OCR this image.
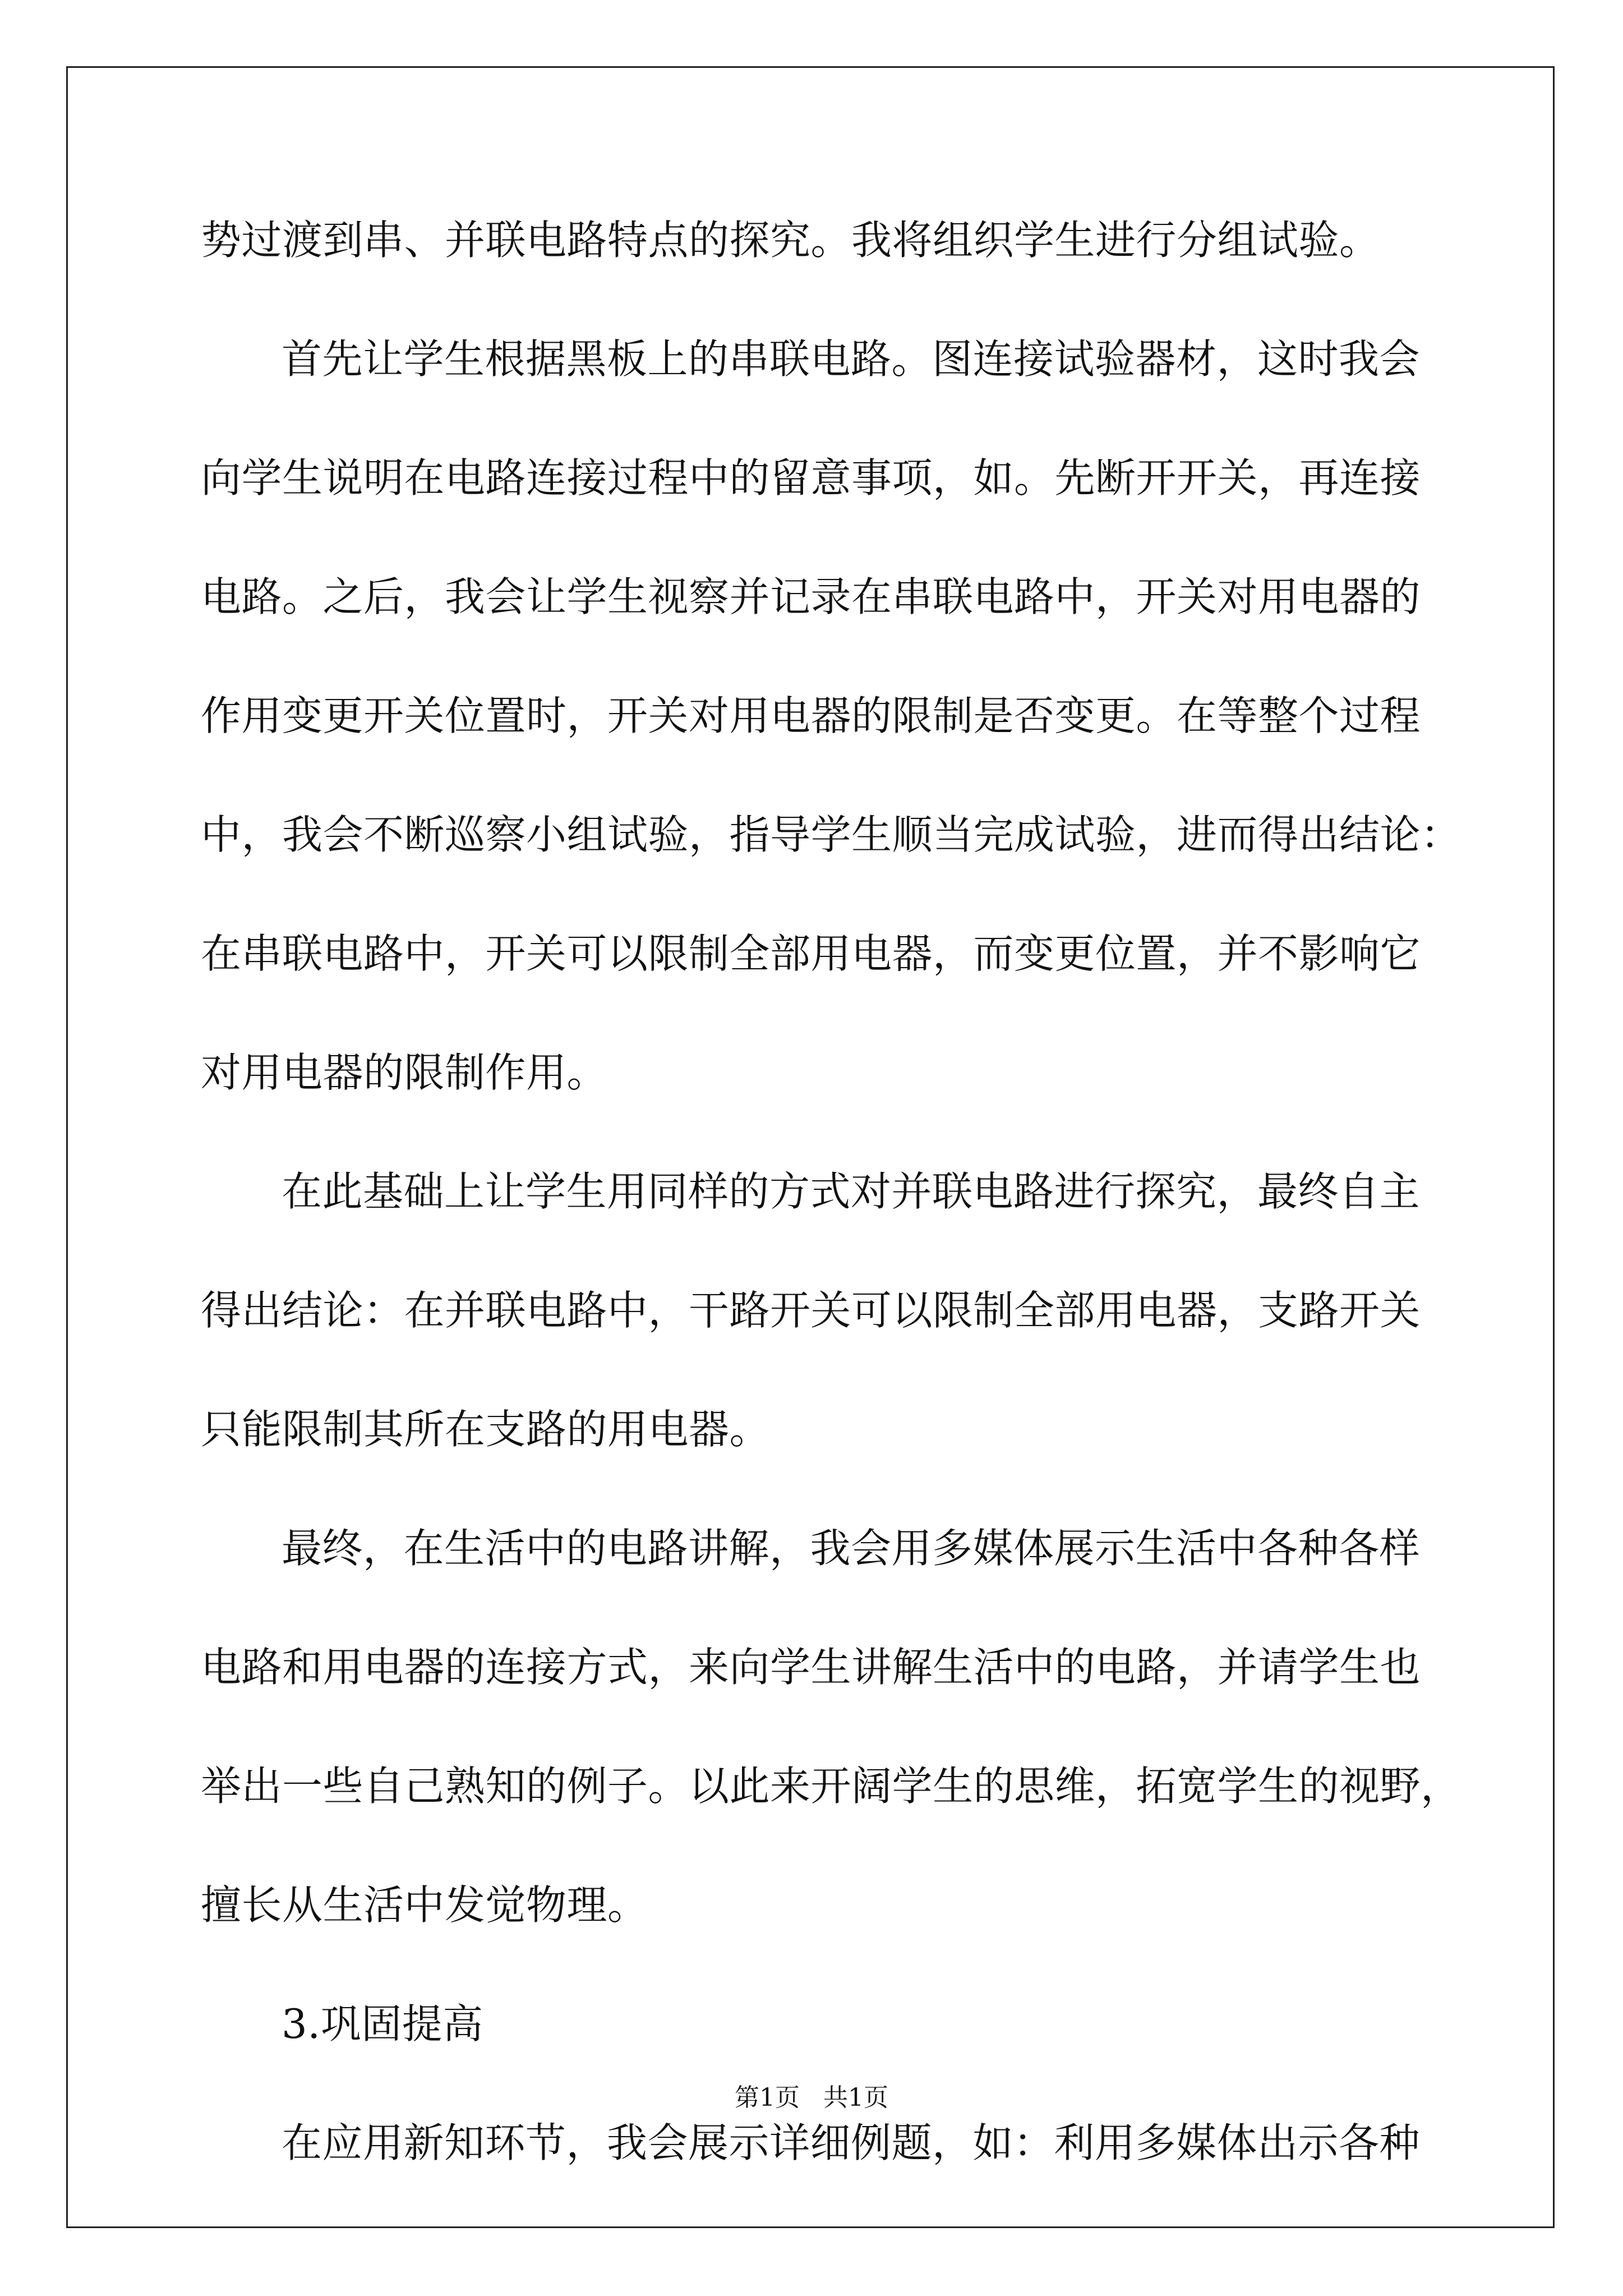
势过渡到串、并联电路特点的探究。我将组织学生进行分组试验。
首先让学生根据黑板上的串联电路。图连接试验器材，这时我会
向学生说明在电路连接过程中的留意事项，如。先断开开关，再连接
电路。之后，我会让学生视察并记录在串联电路中，开关对用电器的
作用变更开关位置时，开关对用电器的限制是否变更。在等整个过程
中，我会不断巡察小组试验，指导学生顺当完成试验，进而得出结论：
在串联电路中，开关可以限制全部用电器，而变更位置，并不影响它
对用电器的限制作用。
在此基础上让学生用同样的方式对并联电路进行探究，最终自主
得出结论：在并联电路中，干路开关可以限制全部用电器，支路开关
只能限制其所在支路的用电器。
最终，在生活中的电路讲解，我会用多媒体展示生活中各种各样
电路和用电器的连接方式，来向学生讲解生活中的电路，并请学生也
举出一些自己熟知的例子。以此来开阔学生的思维，拓宽学生的视野，
擅长从生活中发觉物理。
3.巩固提高
在应用新知环节，我会展示详细例题，如：利用多媒体出示各种
第1页   共1页
